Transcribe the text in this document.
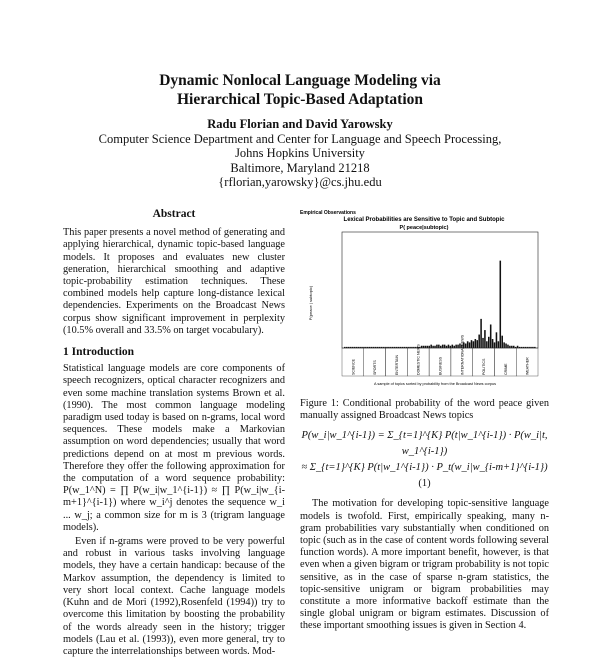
Dynamic Nonlocal Language Modeling via
Hierarchical Topic-Based Adaptation
Radu Florian and David Yarowsky
Computer Science Department and Center for Language and Speech Processing,
Johns Hopkins University
Baltimore, Maryland 21218
{rflorian,yarowsky}@cs.jhu.edu
Abstract

This paper presents a novel method of generating and applying hierarchical, dynamic topic-based language models. It proposes and evaluates new cluster generation, hierarchical smoothing and adaptive topic-probability estimation techniques. These combined models help capture long-distance lexical dependencies. Experiments on the Broadcast News corpus show significant improvement in perplexity (10.5% overall and 33.5% on target vocabulary).

1 Introduction

Statistical language models are core components of speech recognizers, optical character recognizers and even some machine translation systems Brown et al. (1990). The most common language modeling paradigm used today is based on n-grams, local word sequences. These models make a Markovian assumption on word dependencies; usually that word predictions depend on at most m previous words. Therefore they offer the following approximation for the computation of a word sequence probability: P(w_1^N) = ∏ P(w_i|w_1^{i-1}) ≈ ∏ P(w_i|w_{i-m+1}^{i-1}) where w_i^j denotes the sequence w_i ... w_j; a common size for m is 3 (trigram language models).

Even if n-grams were proved to be very powerful and robust in various tasks involving language models, they have a certain handicap: because of the Markov assumption, the dependency is limited to very short local context. Cache language models (Kuhn and de Mori (1992),Rosenfeld (1994)) try to overcome this limitation by boosting the probability of the words already seen in the history; trigger models (Lau et al. (1993)), even more general, try to capture the interrelationships between words. Mod-

Empirical Observations
Lexical Probabilities are Sensitive to Topic and Subtopic
P( peace|subtopic)
P(peace | subtopic)
SCIENCE	SPORTS	ENTERTAIN	DOMESTIC NEWS	BUSINESS	INTERNATIONAL NEWS	POLITICS	CRIME	WEATHER
A sample of topics sorted by probability from the Broadcast News corpus

Figure 1: Conditional probability of the word peace given manually assigned Broadcast News topics

P(w_i|w_1^{i-1}) = Σ_{t=1}^{K} P(t|w_1^{i-1}) · P(w_i|t, w_1^{i-1})
≈ Σ_{t=1}^{K} P(t|w_1^{i-1}) · P_t(w_i|w_{i-m+1}^{i-1}) (1)

The motivation for developing topic-sensitive language models is twofold. First, empirically speaking, many n-gram probabilities vary substantially when conditioned on topic (such as in the case of content words following several function words). A more important benefit, however, is that even when a given bigram or trigram probability is not topic sensitive, as in the case of sparse n-gram statistics, the topic-sensitive unigram or bigram probabilities may constitute a more informative backoff estimate than the single global unigram or bigram estimates. Discussion of these important smoothing issues is given in Section 4.
